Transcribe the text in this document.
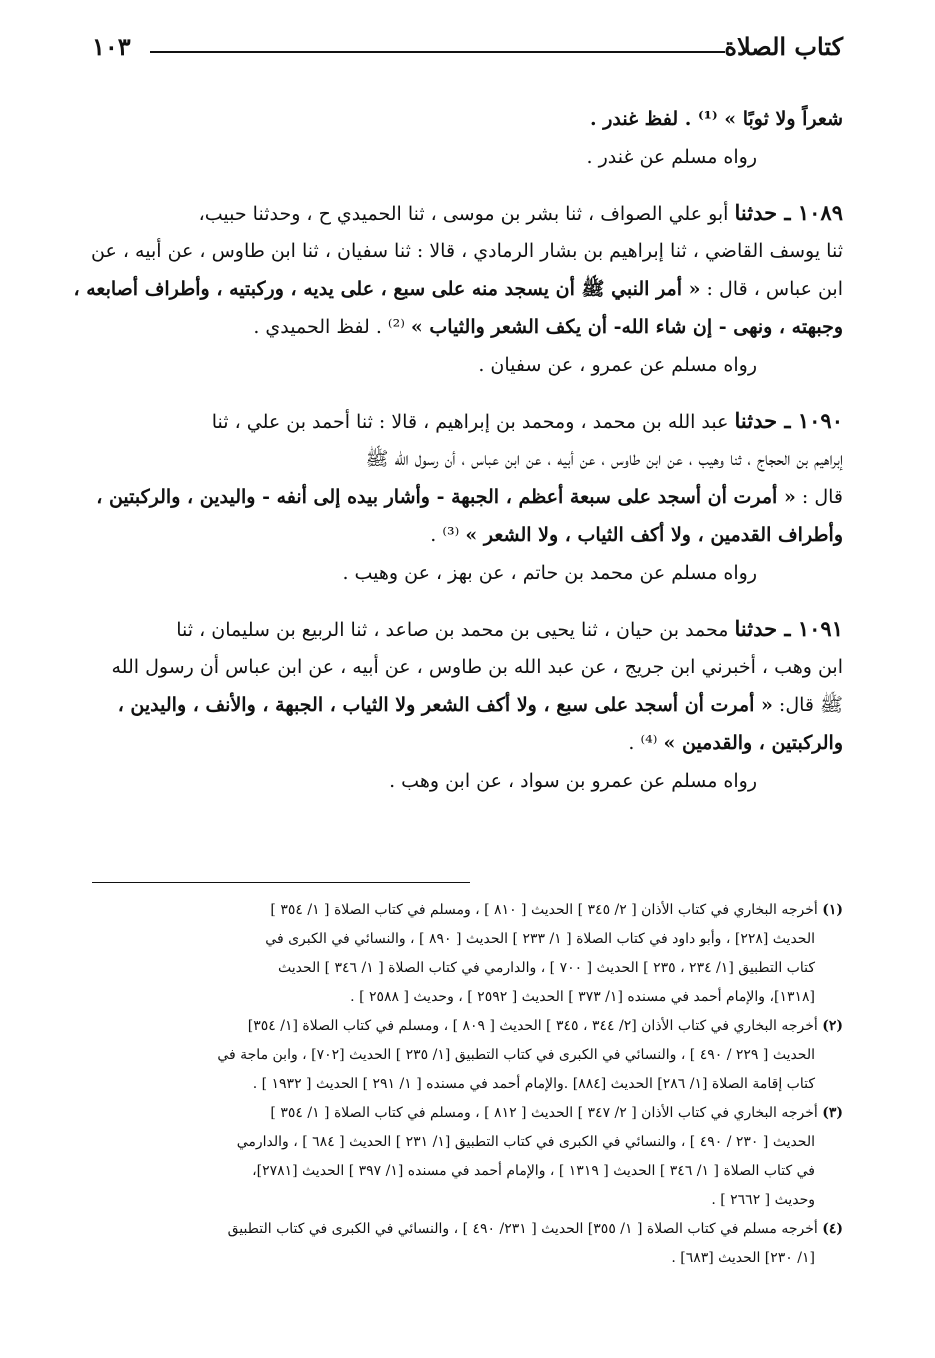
كتاب الصلاة
١٠٣
شعراً ولا ثوبًا » ⁽¹⁾ . لفظ غندر .
رواه مسلم عن غندر .
١٠٨٩ ـ حدثنا أبو علي الصواف ، ثنا بشر بن موسى ، ثنا الحميدي ح ، وحدثنا حبيب،
ثنا يوسف القاضي ، ثنا إبراهيم بن بشار الرمادي ، قالا : ثنا سفيان ، ثنا ابن طاوس ، عن أبيه ، عن
ابن عباس ، قال : « أمر النبي ﷺ أن يسجد منه على سبع ، على يديه ، وركبتيه ، وأطراف أصابعه ،
وجبهته ، ونهى - إن شاء الله- أن يكف الشعر والثياب » ⁽²⁾ . لفظ الحميدي .
رواه مسلم عن عمرو ، عن سفيان .
١٠٩٠ ـ حدثنا عبد الله بن محمد ، ومحمد بن إبراهيم ، قالا : ثنا أحمد بن علي ، ثنا
إبراهيم بن الحجاج ، ثنا وهيب ، عن ابن طاوس ، عن أبيه ، عن ابن عباس ، أن رسول الله ﷺ
قال : « أمرت أن أسجد على سبعة أعظم ، الجبهة - وأشار بيده إلى أنفه - واليدين ، والركبتين ،
وأطراف القدمين ، ولا أكف الثياب ، ولا الشعر » ⁽³⁾ .
رواه مسلم عن محمد بن حاتم ، عن بهز ، عن وهيب .
١٠٩١ ـ حدثنا محمد بن حيان ، ثنا يحيى بن محمد بن صاعد ، ثنا الربيع بن سليمان ، ثنا
ابن وهب ، أخبرني ابن جريج ، عن عبد الله بن طاوس ، عن أبيه ، عن ابن عباس أن رسول الله
ﷺ قال: « أمرت أن أسجد على سبع ، ولا أكف الشعر ولا الثياب ، الجبهة ، والأنف ، واليدين ،
والركبتين ، والقدمين » ⁽⁴⁾ .
رواه مسلم عن عمرو بن سواد ، عن ابن وهب .
(١) أخرجه البخاري في كتاب الأذان [ ٢/ ٣٤٥ ] الحديث [ ٨١٠ ] ، ومسلم في كتاب الصلاة [ ١/ ٣٥٤ ]
الحديث [٢٢٨] ، وأبو داود في كتاب الصلاة [ ١/ ٢٣٣ ] الحديث [ ٨٩٠ ] ، والنسائي في الكبرى في
كتاب التطبيق [١/ ٢٣٤ ، ٢٣٥ ] الحديث [ ٧٠٠ ] ، والدارمي في كتاب الصلاة [ ١/ ٣٤٦ ] الحديث
[١٣١٨]، والإمام أحمد في مسنده [١/ ٣٧٣ ] الحديث [ ٢٥٩٢ ] ، وحديث [ ٢٥٨٨ ] .
(٢) أخرجه البخاري في كتاب الأذان [٢/ ٣٤٤ ، ٣٤٥ ] الحديث [ ٨٠٩ ] ، ومسلم في كتاب الصلاة [١/ ٣٥٤]
الحديث [ ٢٢٩ / ٤٩٠ ] ، والنسائي في الكبرى في كتاب التطبيق [١/ ٢٣٥ ] الحديث [٧٠٢] ، وابن ماجة في
كتاب إقامة الصلاة [١/ ٢٨٦] الحديث [٨٨٤] .والإمام أحمد في مسنده [ ١/ ٢٩١ ] الحديث [ ١٩٣٢ ] .
(٣) أخرجه البخاري في كتاب الأذان [ ٢/ ٣٤٧ ] الحديث [ ٨١٢ ] ، ومسلم في كتاب الصلاة [ ١/ ٣٥٤ ]
الحديث [ ٢٣٠ / ٤٩٠ ] ، والنسائي في الكبرى في كتاب التطبيق [١/ ٢٣١ ] الحديث [ ٦٨٤ ] ، والدارمي
في كتاب الصلاة [ ١/ ٣٤٦ ] الحديث [ ١٣١٩ ] ، والإمام أحمد في مسنده [١/ ٣٩٧ ] الحديث [٢٧٨١]،
وحديث [ ٢٦٦٢ ] .
(٤) أخرجه مسلم في كتاب الصلاة [ ١/ ٣٥٥] الحديث [ ٢٣١/ ٤٩٠ ] ، والنسائي في الكبرى في كتاب التطبيق
[١/ ٢٣٠] الحديث [٦٨٣] .
